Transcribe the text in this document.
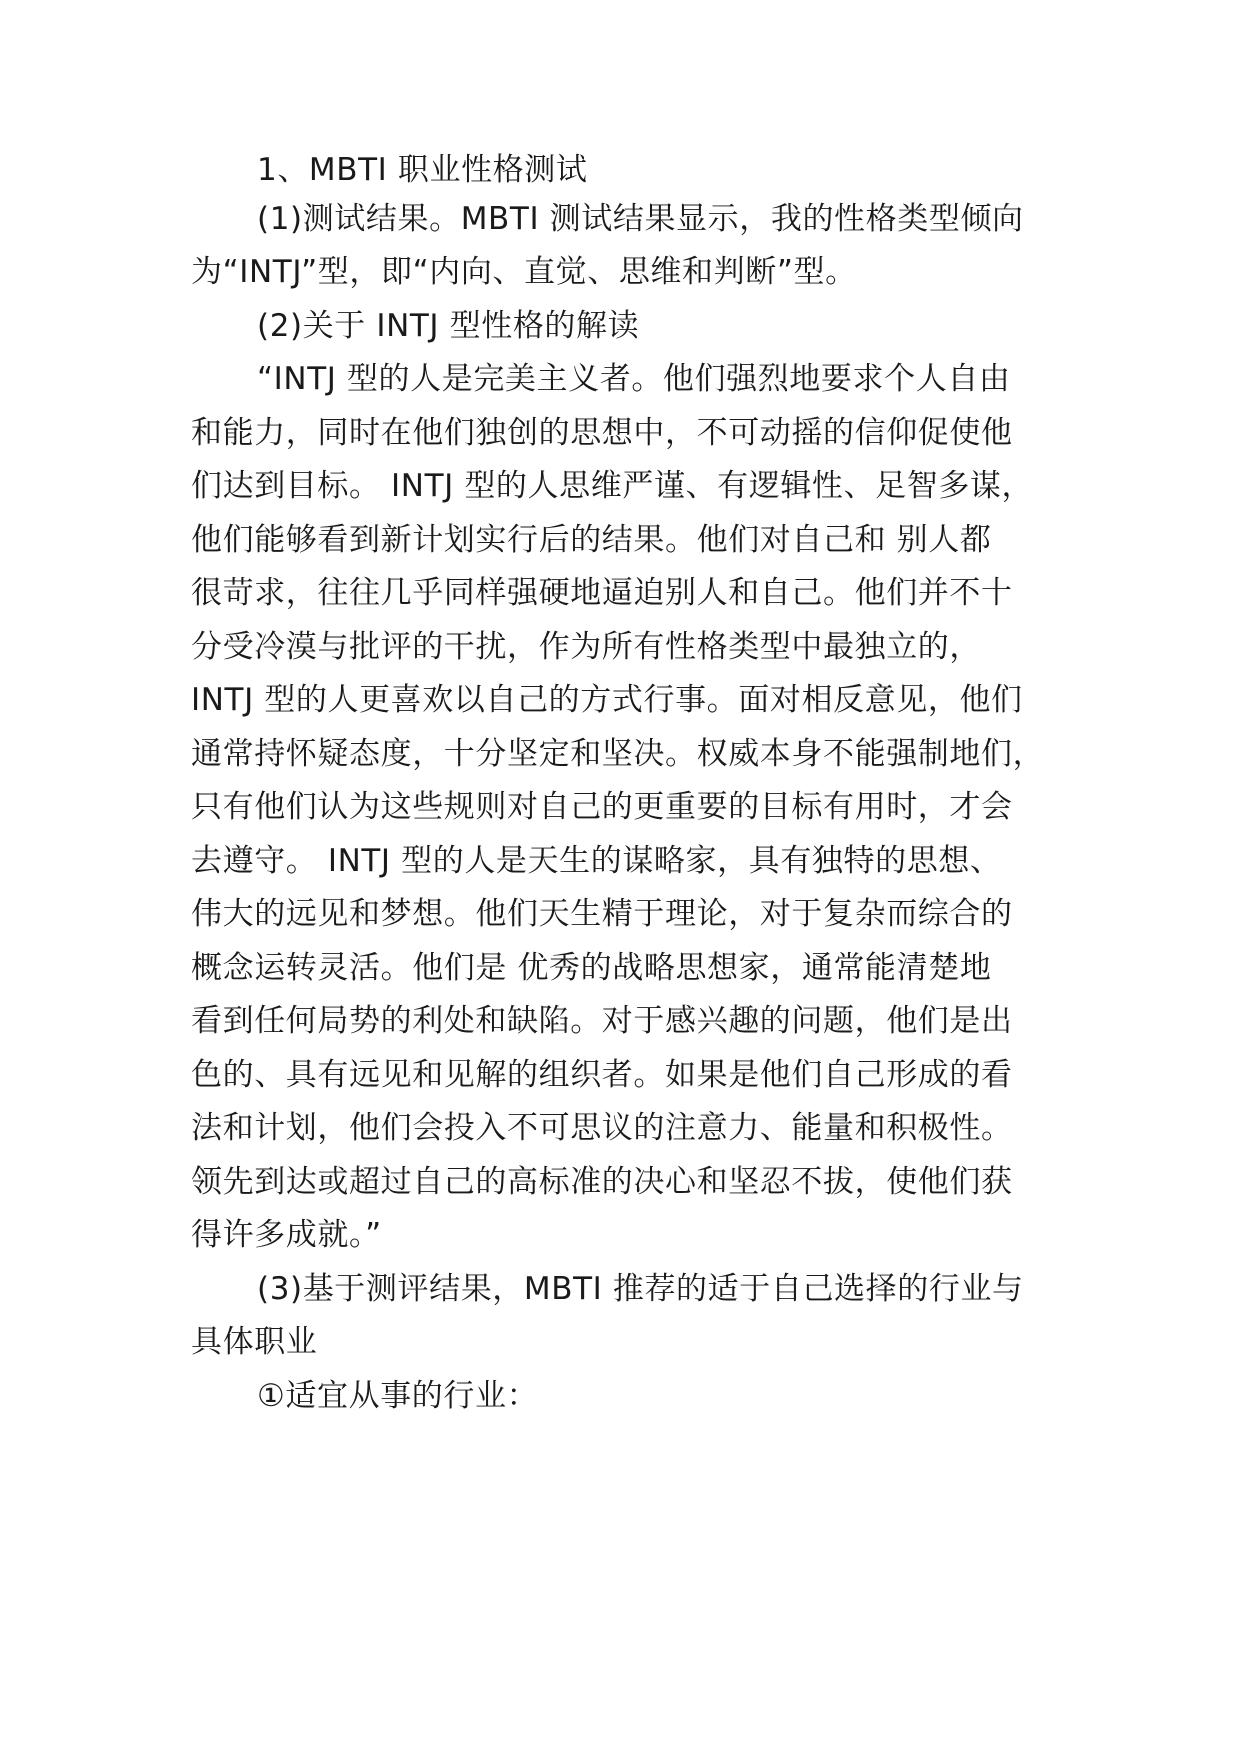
1、MBTI 职业性格测试

(1)测试结果。MBTI 测试结果显示，我的性格类型倾向

为“INTJ”型，即“内向、直觉、思维和判断”型。

(2)关于 INTJ 型性格的解读

“INTJ 型的人是完美主义者。他们强烈地要求个人自由

和能力，同时在他们独创的思想中，不可动摇的信仰促使他

们达到目标。 INTJ 型的人思维严谨、有逻辑性、足智多谋，

他们能够看到新计划实行后的结果。他们对自己和 别人都

很苛求，往往几乎同样强硬地逼迫别人和自己。他们并不十

分受冷漠与批评的干扰，作为所有性格类型中最独立的，

INTJ 型的人更喜欢以自己的方式行事。面对相反意见，他们

通常持怀疑态度，十分坚定和坚决。权威本身不能强制地们，

只有他们认为这些规则对自己的更重要的目标有用时，才会

去遵守。 INTJ 型的人是天生的谋略家，具有独特的思想、

伟大的远见和梦想。他们天生精于理论，对于复杂而综合的

概念运转灵活。他们是 优秀的战略思想家，通常能清楚地

看到任何局势的利处和缺陷。对于感兴趣的问题，他们是出

色的、具有远见和见解的组织者。如果是他们自己形成的看

法和计划，他们会投入不可思议的注意力、能量和积极性。

领先到达或超过自己的高标准的决心和坚忍不拔，使他们获

得许多成就。”

(3)基于测评结果，MBTI 推荐的适于自己选择的行业与

具体职业

①适宜从事的行业：
